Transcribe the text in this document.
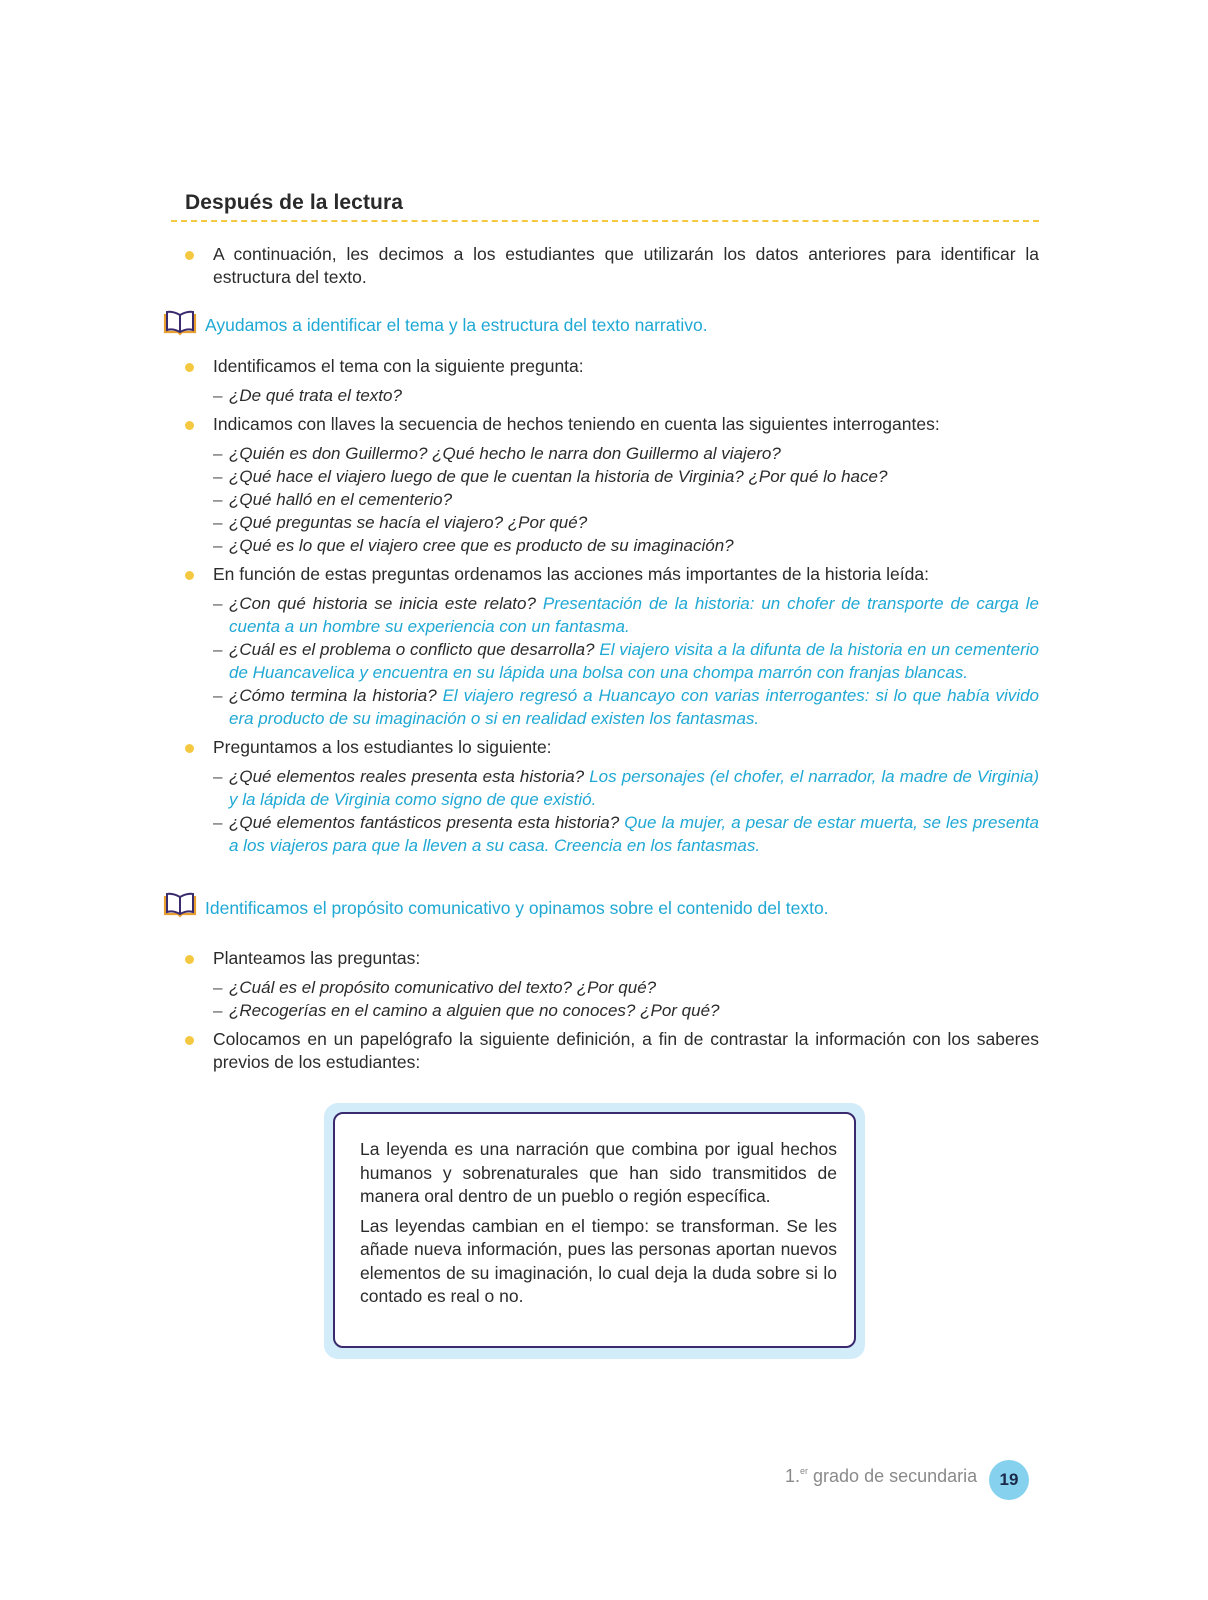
Después de la lectura
A continuación, les decimos a los estudiantes que utilizarán los datos anteriores para identificar la estructura del texto.
Ayudamos a identificar el tema y la estructura del texto narrativo.
Identificamos el tema con la siguiente pregunta:
– ¿De qué trata el texto?
Indicamos con llaves la secuencia de hechos teniendo en cuenta las siguientes interrogantes:
– ¿Quién es don Guillermo? ¿Qué hecho le narra don Guillermo al viajero?
– ¿Qué hace el viajero luego de que le cuentan la historia de Virginia? ¿Por qué lo hace?
– ¿Qué halló en el cementerio?
– ¿Qué preguntas se hacía el viajero? ¿Por qué?
– ¿Qué es lo que el viajero cree que es producto de su imaginación?
En función de estas preguntas ordenamos las acciones más importantes de la historia leída:
– ¿Con qué historia se inicia este relato? Presentación de la historia: un chofer de transporte de carga le cuenta a un hombre su experiencia con un fantasma.
– ¿Cuál es el problema o conflicto que desarrolla? El viajero visita a la difunta de la historia en un cementerio de Huancavelica y encuentra en su lápida una bolsa con una chompa marrón con franjas blancas.
– ¿Cómo termina la historia? El viajero regresó a Huancayo con varias interrogantes: si lo que había vivido era producto de su imaginación o si en realidad existen los fantasmas.
Preguntamos a los estudiantes lo siguiente:
– ¿Qué elementos reales presenta esta historia? Los personajes (el chofer, el narrador, la madre de Virginia) y la lápida de Virginia como signo de que existió.
– ¿Qué elementos fantásticos presenta esta historia? Que la mujer, a pesar de estar muerta, se les presenta a los viajeros para que la lleven a su casa. Creencia en los fantasmas.
Identificamos el propósito comunicativo y opinamos sobre el contenido del texto.
Planteamos las preguntas:
– ¿Cuál es el propósito comunicativo del texto? ¿Por qué?
– ¿Recogerías en el camino a alguien que no conoces? ¿Por qué?
Colocamos en un papelógrafo la siguiente definición, a fin de contrastar la información con los saberes previos de los estudiantes:

La leyenda es una narración que combina por igual hechos humanos y sobrenaturales que han sido transmitidos de manera oral dentro de un pueblo o región específica.

Las leyendas cambian en el tiempo: se transforman. Se les añade nueva información, pues las personas aportan nuevos elementos de su imaginación, lo cual deja la duda sobre si lo contado es real o no.

1.$^{er}$ grado de secundaria 19
